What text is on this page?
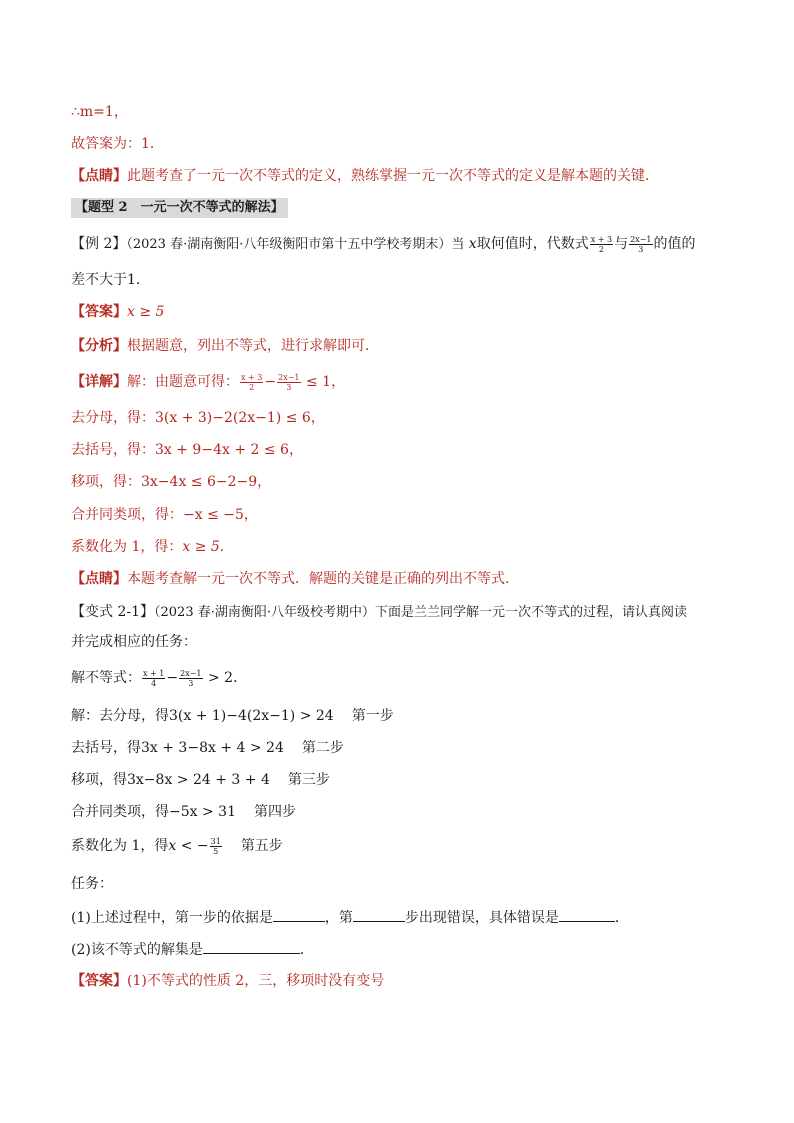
∴m=1，
故答案为：1．
【点睛】此题考查了一元一次不等式的定义，熟练掌握一元一次不等式的定义是解本题的关键．
【题型 2　一元一次不等式的解法】
【例 2】（2023 春·湖南衡阳·八年级衡阳市第十五中学校考期末）当 x取何值时，代数式 $\frac{x + 3}{2}$ 与 $\frac{2x-1}{3}$ 的值的
差不大于1．
【答案】x ≥ 5
【分析】根据题意，列出不等式，进行求解即可．
【详解】解：由题意可得： $\frac{x + 3}{2} - \frac{2x-1}{3} \le 1$，
去分母，得：3(x + 3)−2(2x−1) ≤ 6，
去括号，得：3x + 9−4x + 2 ≤ 6，
移项，得：3x−4x ≤ 6−2−9，
合并同类项，得：−x ≤ −5，
系数化为 1，得：x ≥ 5.
【点睛】本题考查解一元一次不等式．解题的关键是正确的列出不等式．
【变式 2-1】（2023 春·湖南衡阳·八年级校考期中）下面是兰兰同学解一元一次不等式的过程，请认真阅读
并完成相应的任务：
解不等式： $\frac{x + 1}{4} - \frac{2x-1}{3} > 2$．
解：去分母，得3(x + 1)−4(2x−1) > 24 第一步
去括号，得3x + 3−8x + 4 > 24 第二步
移项，得3x−8x > 24 + 3 + 4 第三步
合并同类项，得−5x > 31 第四步
系数化为 1，得x < − $\frac{31}{5}$ 第五步
任务：
(1)上述过程中，第一步的依据是	，第	步出现错误，具体错误是	．
(2)该不等式的解集是	．
【答案】(1)不等式的性质 2，三，移项时没有变号
